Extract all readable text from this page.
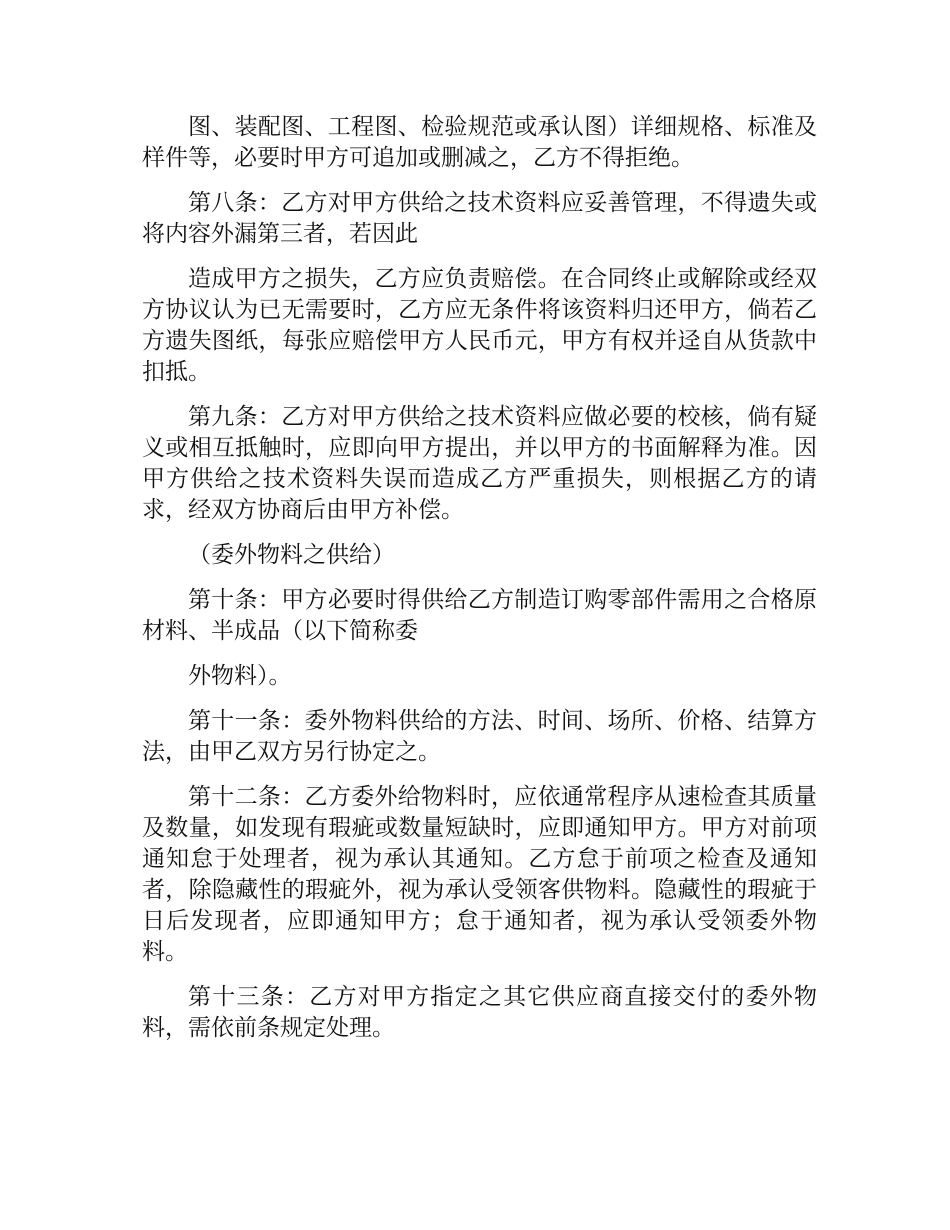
图、装配图、工程图、检验规范或承认图）详细规格、标准及样件等，必要时甲方可追加或删减之，乙方不得拒绝。

第八条：乙方对甲方供给之技术资料应妥善管理，不得遗失或将内容外漏第三者，若因此

造成甲方之损失，乙方应负责赔偿。在合同终止或解除或经双方协议认为已无需要时，乙方应无条件将该资料归还甲方，倘若乙方遗失图纸，每张应赔偿甲方人民币元，甲方有权并迳自从货款中扣抵。

第九条：乙方对甲方供给之技术资料应做必要的校核，倘有疑义或相互抵触时，应即向甲方提出，并以甲方的书面解释为准。因甲方供给之技术资料失误而造成乙方严重损失，则根据乙方的请求，经双方协商后由甲方补偿。

（委外物料之供给）

第十条：甲方必要时得供给乙方制造订购零部件需用之合格原材料、半成品（以下简称委

外物料）。

第十一条：委外物料供给的方法、时间、场所、价格、结算方法，由甲乙双方另行协定之。

第十二条：乙方委外给物料时，应依通常程序从速检查其质量及数量，如发现有瑕疵或数量短缺时，应即通知甲方。甲方对前项通知怠于处理者，视为承认其通知。乙方怠于前项之检查及通知者，除隐藏性的瑕疵外，视为承认受领客供物料。隐藏性的瑕疵于日后发现者，应即通知甲方；怠于通知者，视为承认受领委外物料。

第十三条：乙方对甲方指定之其它供应商直接交付的委外物料，需依前条规定处理。
